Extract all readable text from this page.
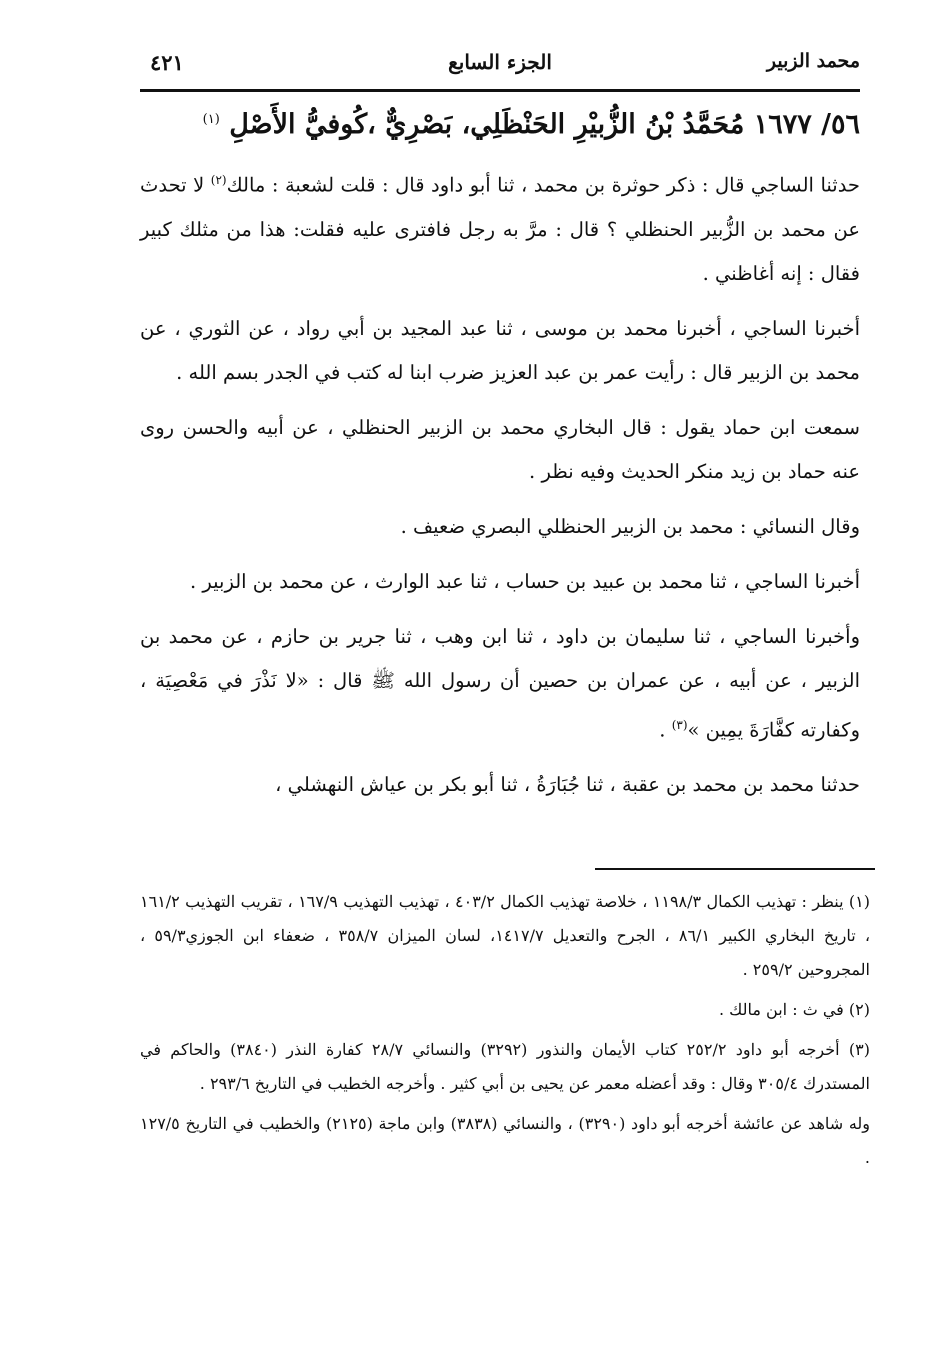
محمد الزبير
الجزء السابع
٤٢١
٥٦/ ١٦٧٧ مُحَمَّدُ بْنُ الزُّبيْرِ الحَنْظَلِي، بَصْرِيٌّ ،كُوفيُّ الأَصْلِ $^{(١)}$

حدثنا الساجي قال : ذكر حوثرة بن محمد ، ثنا أبو داود قال : قلت لشعبة : مالك$^{(٢)}$ لا تحدث عن محمد بن الزُّبير الحنظلي ؟ قال : مرَّ به رجل فافترى عليه فقلت: هذا من مثلك كبير فقال : إنه أغاظني .

أخبرنا الساجي ، أخبرنا محمد بن موسى ، ثنا عبد المجيد بن أبي رواد ، عن الثوري ، عن محمد بن الزبير قال : رأيت عمر بن عبد العزيز ضرب ابنا له كتب في الجدر بسم الله .

سمعت ابن حماد يقول : قال البخاري محمد بن الزبير الحنظلي ، عن أبيه والحسن روى عنه حماد بن زيد منكر الحديث وفيه نظر .

وقال النسائي : محمد بن الزبير الحنظلي البصري ضعيف .

أخبرنا الساجي ، ثنا محمد بن عبيد بن حساب ، ثنا عبد الوارث ، عن محمد بن الزبير .

وأخبرنا الساجي ، ثنا سليمان بن داود ، ثنا ابن وهب ، ثنا جرير بن حازم ، عن محمد بن الزبير ، عن أبيه ، عن عمران بن حصين أن رسول الله ﷺ قال : «لا نَذْرَ في مَعْصِيَة ، وكفارته كفَّارَةَ يمِين »$^{(٣)}$ .

حدثنا محمد بن محمد بن عقبة ، ثنا جُبَارَةُ ، ثنا أبو بكر بن عياش النهشلي ،

(١) ينظر : تهذيب الكمال ١١٩٨/٣ ، خلاصة تهذيب الكمال ٤٠٣/٢ ، تهذيب التهذيب ١٦٧/٩ ، تقريب التهذيب ١٦١/٢ ، تاريخ البخاري الكبير ٨٦/١ ، الجرح والتعديل ١٤١٧/٧، لسان الميزان ٣٥٨/٧ ، ضعفاء ابن الجوزي٥٩/٣ ، المجروحين ٢٥٩/٢ .

(٢) في ث : ابن مالك .

(٣) أخرجه أبو داود ٢٥٢/٢ كتاب الأيمان والنذور (٣٢٩٢) والنسائي ٢٨/٧ كفارة النذر (٣٨٤٠) والحاكم في المستدرك ٣٠٥/٤ وقال : وقد أعضله معمر عن يحيى بن أبي كثير . وأخرجه الخطيب في التاريخ ٢٩٣/٦ .

وله شاهد عن عائشة أخرجه أبو داود (٣٢٩٠) ، والنسائي (٣٨٣٨) وابن ماجة (٢١٢٥) والخطيب في التاريخ ١٢٧/٥ .
